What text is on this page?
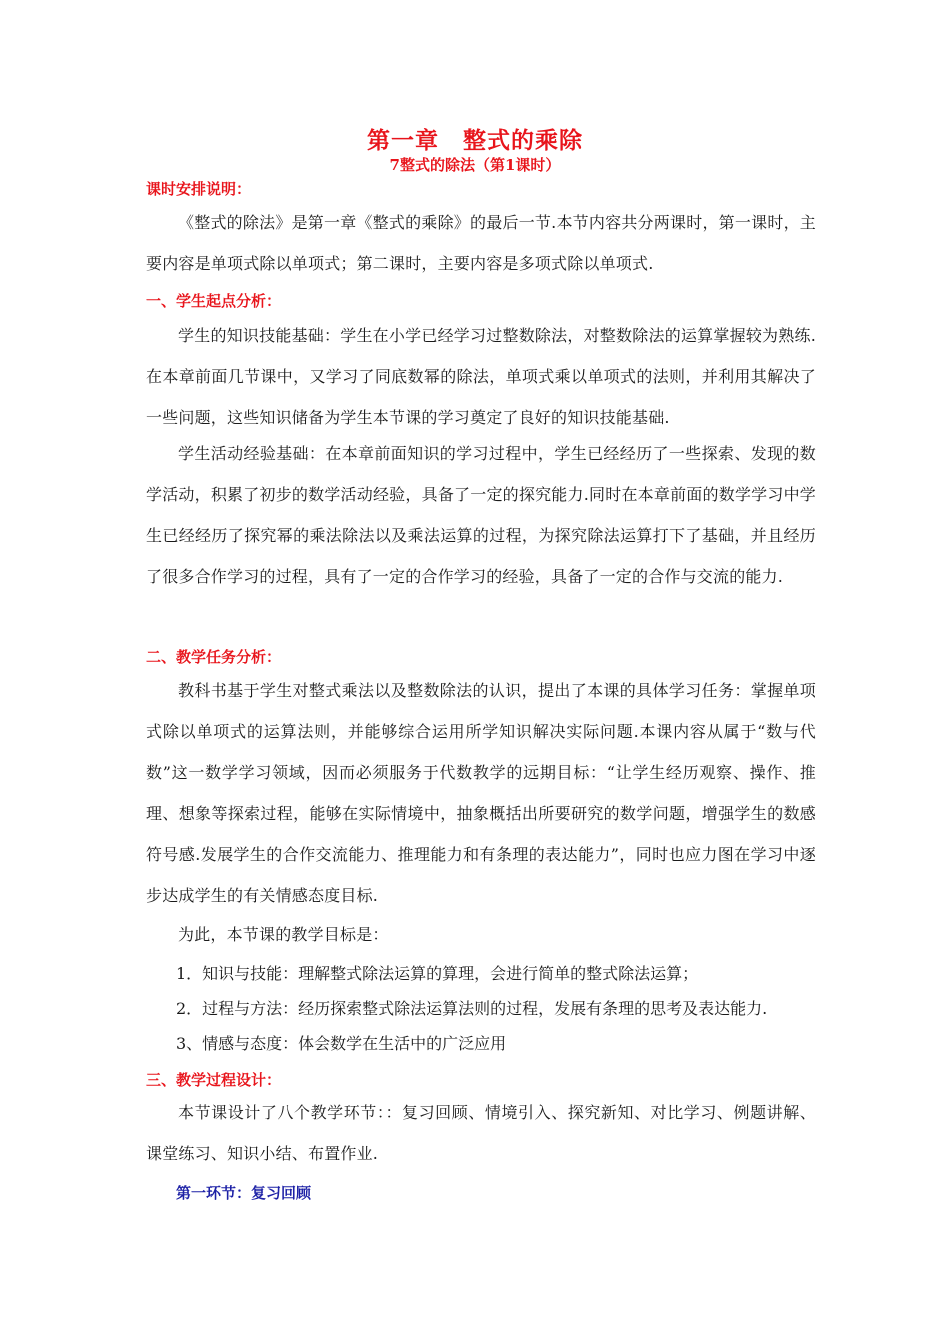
第一章　整式的乘除
7整式的除法（第1课时）
课时安排说明：
《整式的除法》是第一章《整式的乘除》的最后一节.本节内容共分两课时，第一课时，主要内容是单项式除以单项式；第二课时，主要内容是多项式除以单项式.
一、学生起点分析：
学生的知识技能基础：学生在小学已经学习过整数除法，对整数除法的运算掌握较为熟练.在本章前面几节课中，又学习了同底数幂的除法，单项式乘以单项式的法则，并利用其解决了一些问题，这些知识储备为学生本节课的学习奠定了良好的知识技能基础.
学生活动经验基础：在本章前面知识的学习过程中，学生已经经历了一些探索、发现的数学活动，积累了初步的数学活动经验，具备了一定的探究能力.同时在本章前面的数学学习中学生已经经历了探究幂的乘法除法以及乘法运算的过程，为探究除法运算打下了基础，并且经历了很多合作学习的过程，具有了一定的合作学习的经验，具备了一定的合作与交流的能力.
二、教学任务分析：
教科书基于学生对整式乘法以及整数除法的认识，提出了本课的具体学习任务：掌握单项式除以单项式的运算法则，并能够综合运用所学知识解决实际问题.本课内容从属于“数与代数”这一数学学习领域，因而必须服务于代数教学的远期目标：“让学生经历观察、操作、推理、想象等探索过程，能够在实际情境中，抽象概括出所要研究的数学问题，增强学生的数感符号感.发展学生的合作交流能力、推理能力和有条理的表达能力”，同时也应力图在学习中逐步达成学生的有关情感态度目标.
为此，本节课的教学目标是：
1．知识与技能：理解整式除法运算的算理，会进行简单的整式除法运算；
2．过程与方法：经历探索整式除法运算法则的过程，发展有条理的思考及表达能力.
3、情感与态度：体会数学在生活中的广泛应用
三、教学过程设计：
本节课设计了八个教学环节：：复习回顾、情境引入、探究新知、对比学习、例题讲解、课堂练习、知识小结、布置作业.
第一环节：复习回顾
